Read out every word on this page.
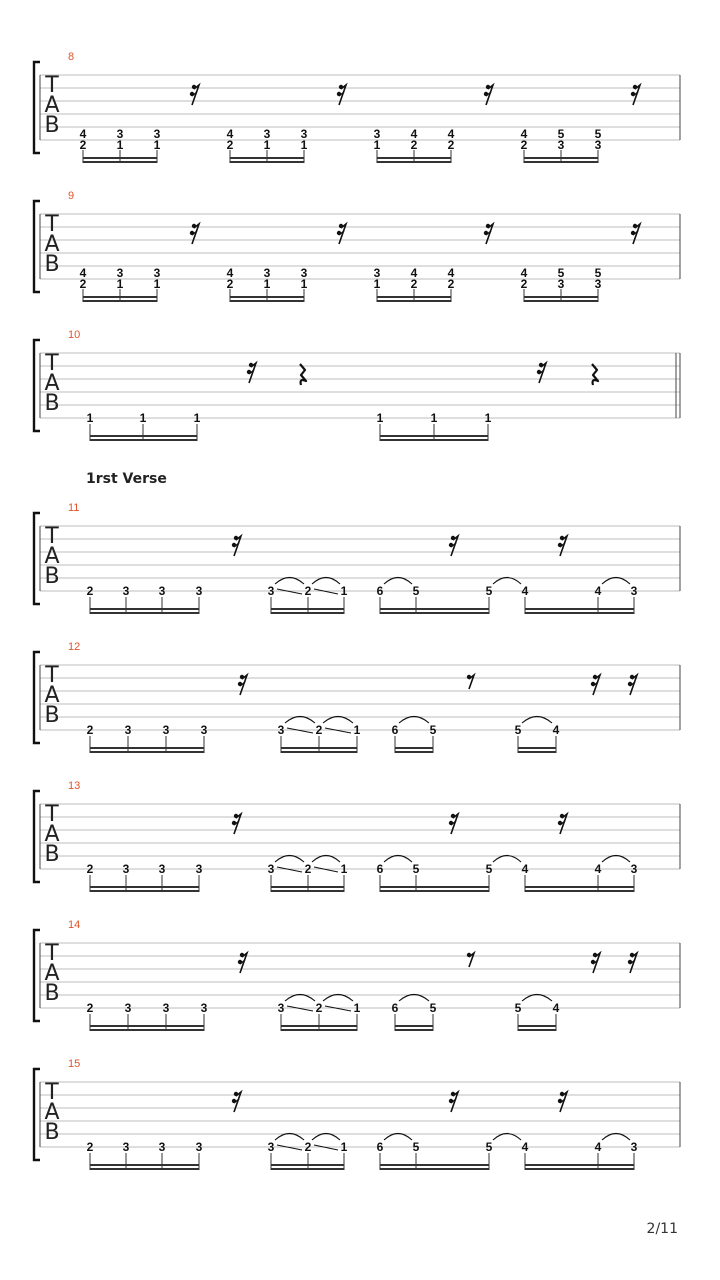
1rst Verse
2/11
8
T
A
B 4
2
3
1
3
1
4
2
3
1
3
1
3
1
4
2
4
2
4
2
5
3
5
3
9
T
A
B 4
2
3
1
3
1
4
2
3
1
3
1
3
1
4
2
4
2
4
2
5
3
5
3
10
T
A
B
1	1	1	1	1	1
11
T
A
B
2 3 3	3	3	2 1 6 5	5 4	4 3
12
T
A
B
2	3	3	3	3	2	1	6	5	5	4
13
T
A
B
2 3 3	3	3	2 1 6 5	5 4	4 3
14
T
A
B
2	3	3	3	3	2	1	6	5	5	4
15
T
A
B
2 3 3	3	3	2 1 6 5	5 4	4 3
